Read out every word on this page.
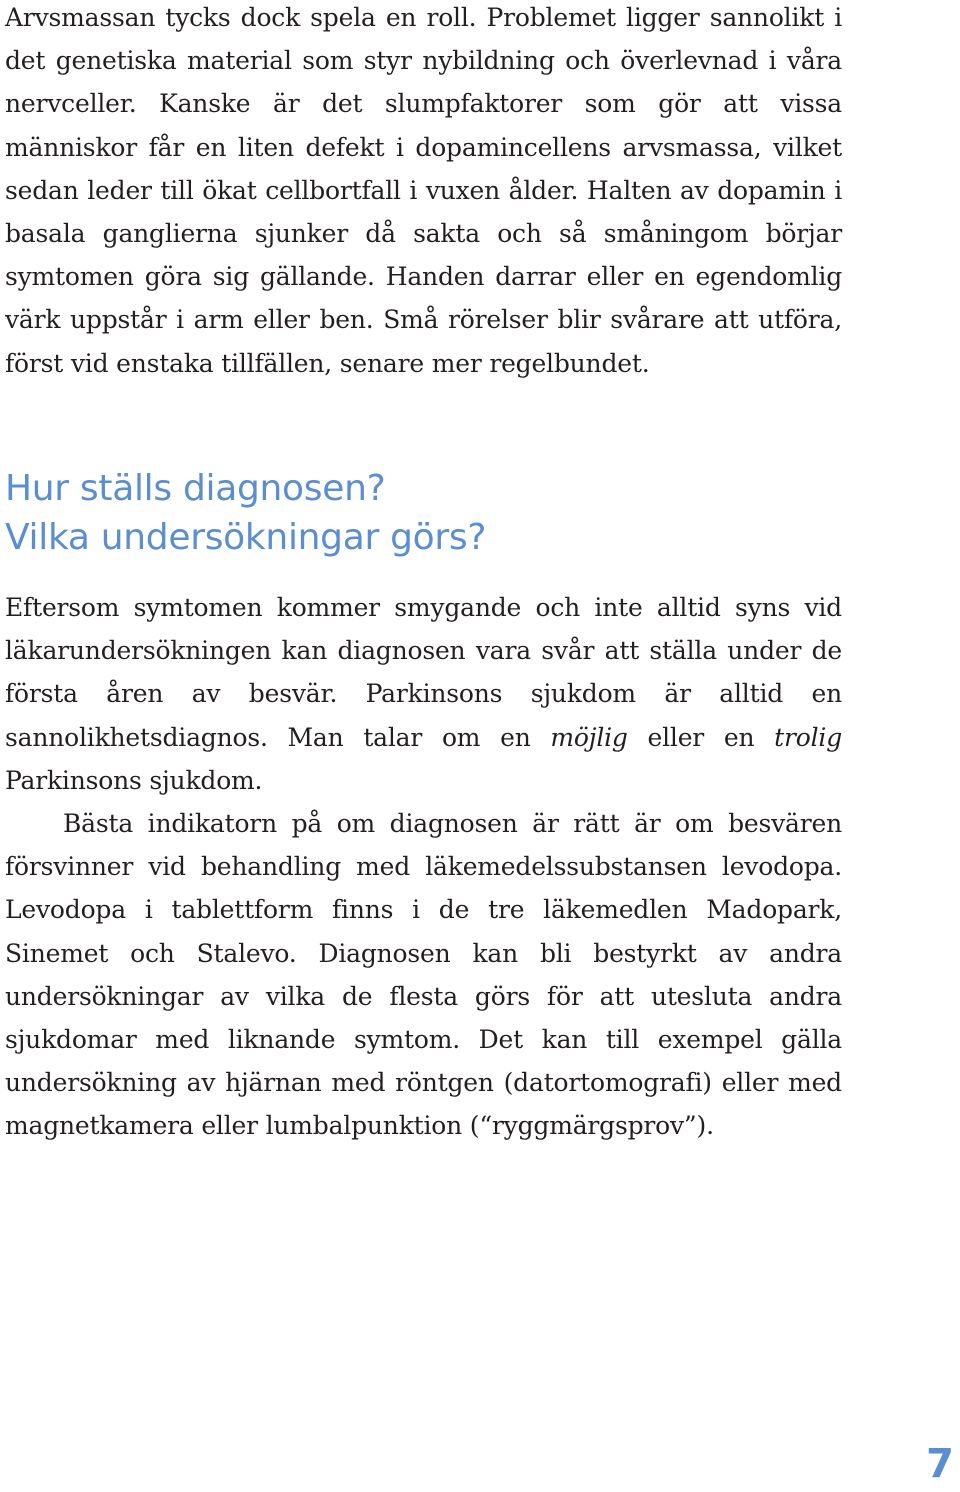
Arvsmassan tycks dock spela en roll. Problemet ligger sannolikt i det genetiska material som styr nybildning och överlevnad i våra nervceller. Kanske är det slumpfaktorer som gör att vissa människor får en liten defekt i dopamincellens arvsmassa, vilket sedan leder till ökat cellbortfall i vuxen ålder. Halten av dopamin i basala ganglierna sjunker då sakta och så småningom börjar symtomen göra sig gällande. Handen darrar eller en egendomlig värk uppstår i arm eller ben. Små rörelser blir svårare att utföra, först vid enstaka tillfällen, senare mer regelbundet.

Hur ställs diagnosen?
Vilka undersökningar görs?

Eftersom symtomen kommer smygande och inte alltid syns vid läkarundersökningen kan diagnosen vara svår att ställa under de första åren av besvär. Parkinsons sjukdom är alltid en sannolikhetsdiagnos. Man talar om en möjlig eller en trolig Parkinsons sjukdom.

Bästa indikatorn på om diagnosen är rätt är om besvären försvinner vid behandling med läkemedelssubstansen levodopa. Levodopa i tablettform finns i de tre läkemedlen Madopark, Sinemet och Stalevo. Diagnosen kan bli bestyrkt av andra undersökningar av vilka de flesta görs för att utesluta andra sjukdomar med liknande symtom. Det kan till exempel gälla undersökning av hjärnan med röntgen (datortomografi) eller med magnetkamera eller lumbalpunktion (“ryggmärgsprov”).

7
